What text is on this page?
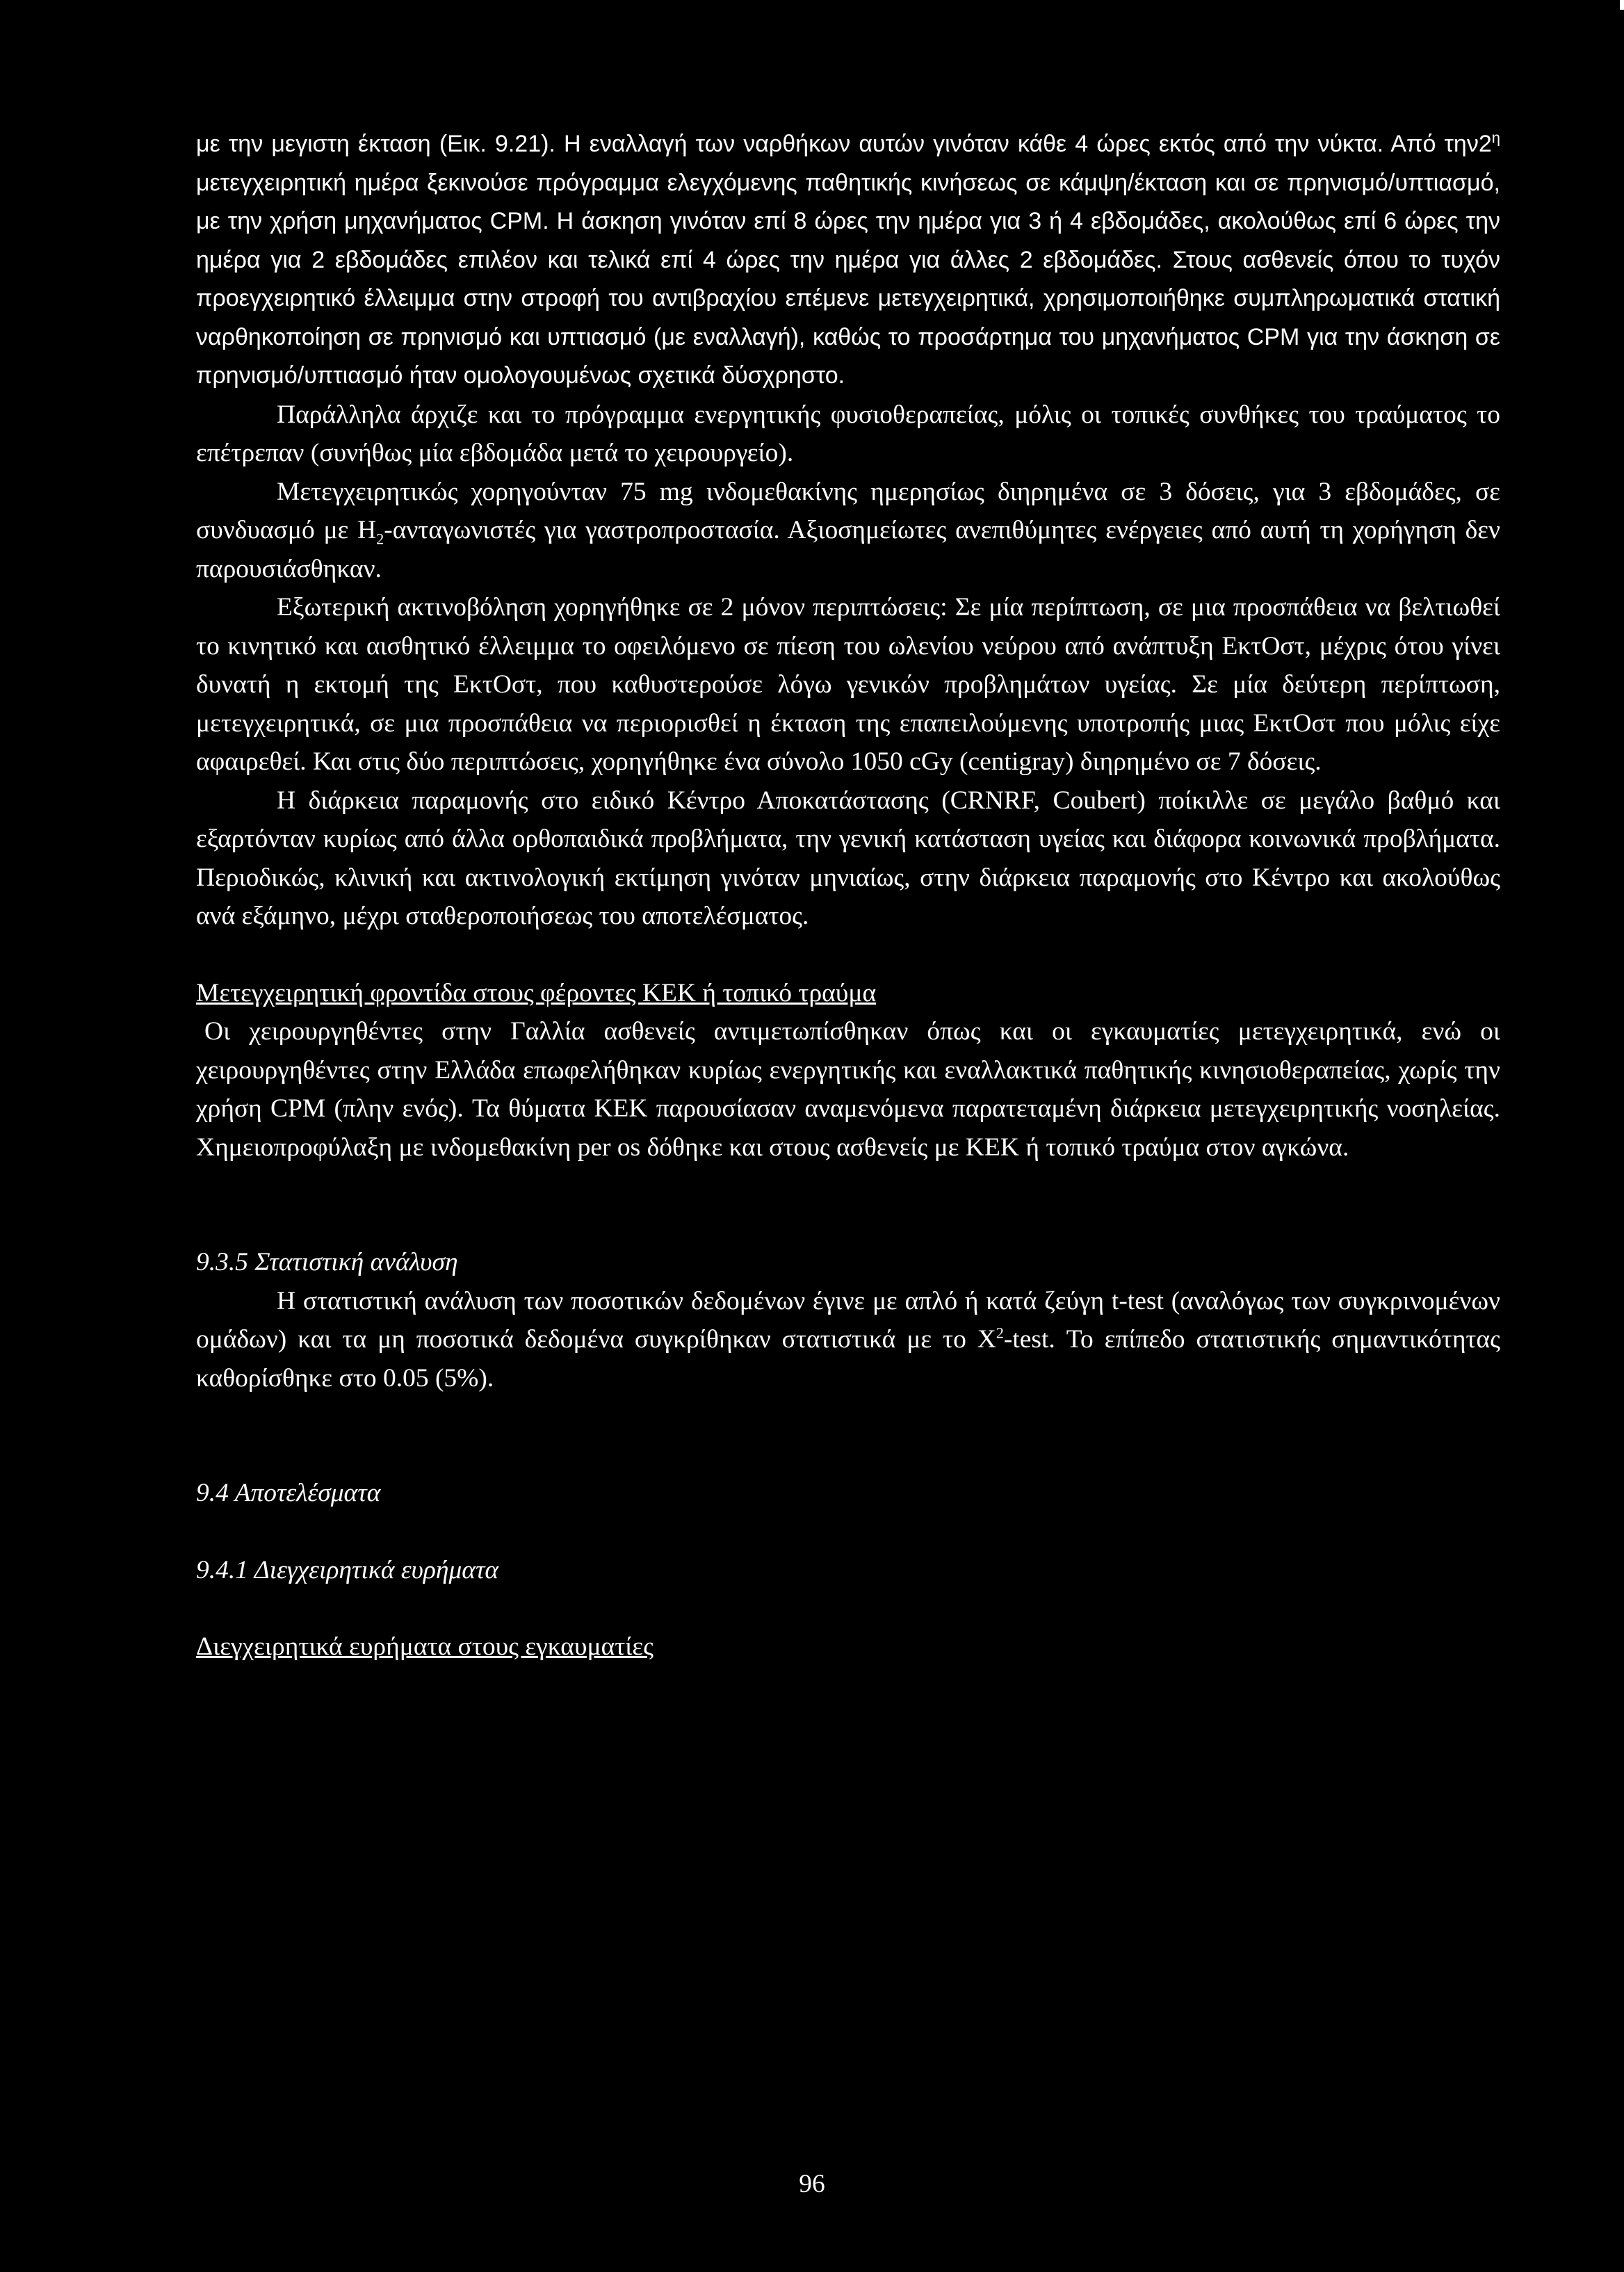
με την μεγιστη έκταση (Εικ. 9.21). Η εναλλαγή των ναρθήκων αυτών γινόταν κάθε 4 ώρες εκτός από την νύκτα. Από $\tau\eta\nu 2^\eta$ μετεγχειρητική ημέρα ξεκινούσε πρόγραμμα ελεγχόμενης παθητικής κινήσεως σε κάμψη/έκταση και σε πρηνισμό/υπτιασμό, με την χρήση μηχανήματος CPM. Η άσκηση γινόταν επί 8 ώρες την ημέρα για 3 ή 4 εβδομάδες, ακολούθως επί 6 ώρες την ημέρα για 2 εβδομάδες επιλέον και τελικά επί 4 ώρες την ημέρα για άλλες 2 εβδομάδες. Στους ασθενείς όπου το τυχόν προεγχειρητικό έλλειμμα στην στροφή του αντιβραχίου επέμενε μετεγχειρητικά, χρησιμοποιήθηκε συμπληρωματικά στατική ναρθηκοποίηση σε πρηνισμό και υπτιασμό (με εναλλαγή), καθώς το προσάρτημα του μηχανήματος CPM για την άσκηση σε πρηνισμό/υπτιασμό ήταν ομολογουμένως σχετικά δύσχρηστο.

Παράλληλα άρχιζε και το πρόγραμμα ενεργητικής φυσιοθεραπείας, μόλις οι τοπικές συνθήκες του τραύματος το επέτρεπαν (συνήθως μία εβδομάδα μετά το χειρουργείο).

Μετεγχειρητικώς χορηγούνταν 75 mg ινδομεθακίνης ημερησίως διηρημένα σε 3 δόσεις, για 3 εβδομάδες, σε συνδυασμό με $H_2$-ανταγωνιστές για γαστροπροστασία. Αξιοσημείωτες ανεπιθύμητες ενέργειες από αυτή τη χορήγηση δεν παρουσιάσθηκαν.

Εξωτερική ακτινοβόληση χορηγήθηκε σε 2 μόνον περιπτώσεις: Σε μία περίπτωση, σε μια προσπάθεια να βελτιωθεί το κινητικό και αισθητικό έλλειμμα το οφειλόμενο σε πίεση του ωλενίου νεύρου από ανάπτυξη ΕκτΟστ, μέχρις ότου γίνει δυνατή η εκτομή της ΕκτΟστ, που καθυστερούσε λόγω γενικών προβλημάτων υγείας. Σε μία δεύτερη περίπτωση, μετεγχειρητικά, σε μια προσπάθεια να περιορισθεί η έκταση της επαπειλούμενης υποτροπής μιας ΕκτΟστ που μόλις είχε αφαιρεθεί. Και στις δύο περιπτώσεις, χορηγήθηκε ένα σύνολο 1050 cGy (centigray) διηρημένο σε 7 δόσεις.

Η διάρκεια παραμονής στο ειδικό Κέντρο Αποκατάστασης (CRNRF, Coubert) ποίκιλλε σε μεγάλο βαθμό και εξαρτόνταν κυρίως από άλλα ορθοπαιδικά προβλήματα, την γενική κατάσταση υγείας και διάφορα κοινωνικά προβλήματα. Περιοδικώς, κλινική και ακτινολογική εκτίμηση γινόταν μηνιαίως, στην διάρκεια παραμονής στο Κέντρο και ακολούθως ανά εξάμηνο, μέχρι σταθεροποιήσεως του αποτελέσματος.

Μετεγχειρητική φροντίδα στους φέροντες ΚΕΚ ή τοπικό τραύμα

Οι χειρουργηθέντες στην Γαλλία ασθενείς αντιμετωπίσθηκαν όπως και οι εγκαυματίες μετεγχειρητικά, ενώ οι χειρουργηθέντες στην Ελλάδα επωφελήθηκαν κυρίως ενεργητικής και εναλλακτικά παθητικής κινησιοθεραπείας, χωρίς την χρήση CPM (πλην ενός). Τα θύματα ΚΕΚ παρουσίασαν αναμενόμενα παρατεταμένη διάρκεια μετεγχειρητικής νοσηλείας. Χημειοπροφύλαξη με ινδομεθακίνη per os δόθηκε και στους ασθενείς με ΚΕΚ ή τοπικό τραύμα στον αγκώνα.

9.3.5 Στατιστική ανάλυση

Η στατιστική ανάλυση των ποσοτικών δεδομένων έγινε με απλό ή κατά ζεύγη t-test (αναλόγως των συγκρινομένων ομάδων) και τα μη ποσοτικά δεδομένα συγκρίθηκαν στατιστικά με το $X^2$-test. Το επίπεδο στατιστικής σημαντικότητας καθορίσθηκε στο 0.05 (5%).

9.4 Αποτελέσματα

9.4.1 Διεγχειρητικά ευρήματα

Διεγχειρητικά ευρήματα στους εγκαυματίες

96
